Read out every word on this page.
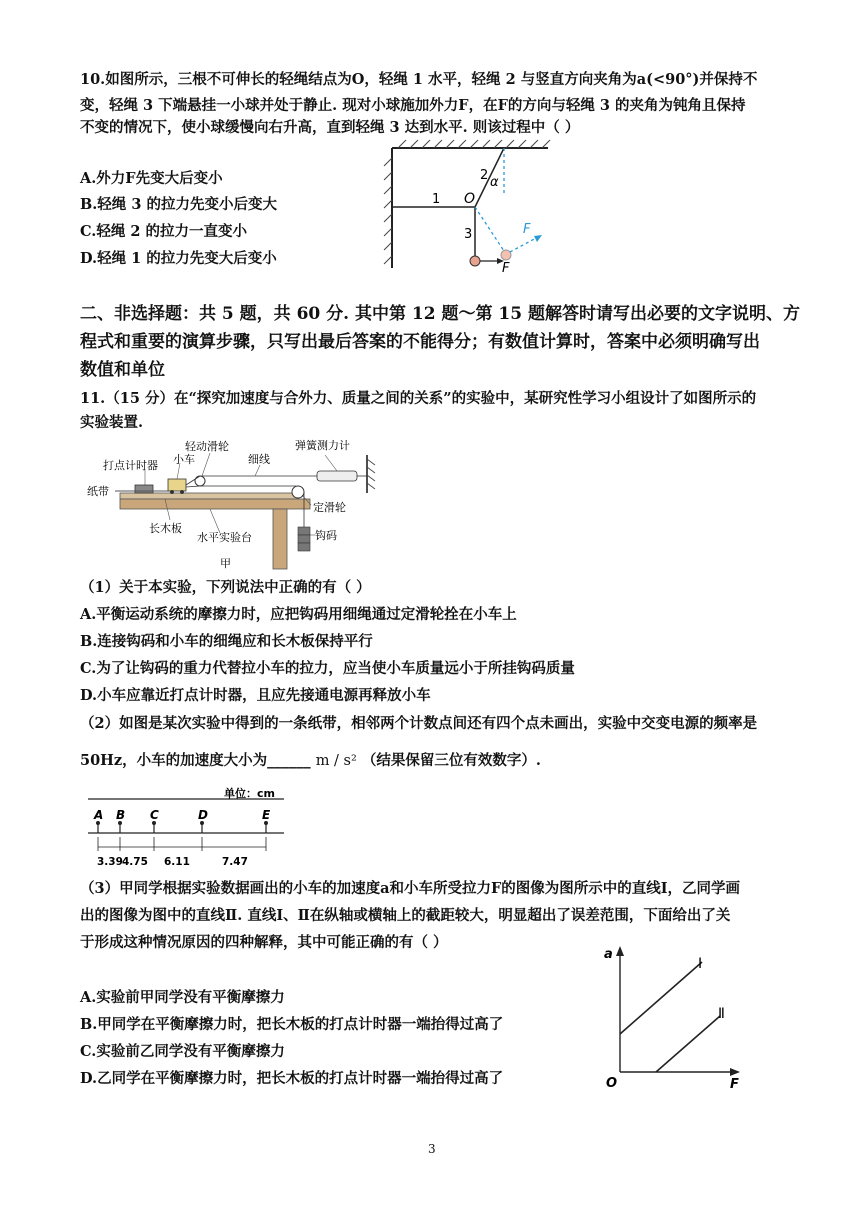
10.如图所示，三根不可伸长的轻绳结点为O，轻绳 1 水平，轻绳 2 与竖直方向夹角为a(<90°)并保持不
变，轻绳 3 下端悬挂一小球并处于静止. 现对小球施加外力F，在F的方向与轻绳 3 的夹角为钝角且保持
不变的情况下，使小球缓慢向右升高，直到轻绳 3 达到水平. 则该过程中（ ）
A.外力F先变大后变小
B.轻绳 3 的拉力先变小后变大
C.轻绳 2 的拉力一直变小
D.轻绳 1 的拉力先变大后变小
1
2
3
O
α
F
F
二、非选择题：共 5 题，共 60 分. 其中第 12 题～第 15 题解答时请写出必要的文字说明、方
程式和重要的演算步骤，只写出最后答案的不能得分；有数值计算时，答案中必须明确写出
数值和单位
11.（15 分）在“探究加速度与合外力、质量之间的关系”的实验中，某研究性学习小组设计了如图所示的
实验装置.
轻动滑轮
小车	细线
弹簧测力计
打点计时器
纸带
长木板
水平实验台
定滑轮
钩码
甲
（1）关于本实验，下列说法中正确的有（ ）
A.平衡运动系统的摩擦力时，应把钩码用细绳通过定滑轮拴在小车上
B.连接钩码和小车的细绳应和长木板保持平行
C.为了让钩码的重力代替拉小车的拉力，应当使小车质量远小于所挂钩码质量
D.小车应靠近打点计时器，且应先接通电源再释放小车
（2）如图是某次实验中得到的一条纸带，相邻两个计数点间还有四个点未画出，实验中交变电源的频率是
50Hz，小车的加速度大小为______ m / s² （结果保留三位有效数字）.
单位：cm
A B C	D	E
3.39 4.75 6.11	7.47
（3）甲同学根据实验数据画出的小车的加速度a和小车所受拉力F的图像为图所示中的直线Ⅰ，乙同学画
出的图像为图中的直线Ⅱ. 直线Ⅰ、Ⅱ在纵轴或横轴上的截距较大，明显超出了误差范围，下面给出了关
于形成这种情况原因的四种解释，其中可能正确的有（ ）
A.实验前甲同学没有平衡摩擦力
B.甲同学在平衡摩擦力时，把长木板的打点计时器一端抬得过高了
C.实验前乙同学没有平衡摩擦力
D.乙同学在平衡摩擦力时，把长木板的打点计时器一端抬得过高了
a
F
O
Ⅰ
Ⅱ
3
